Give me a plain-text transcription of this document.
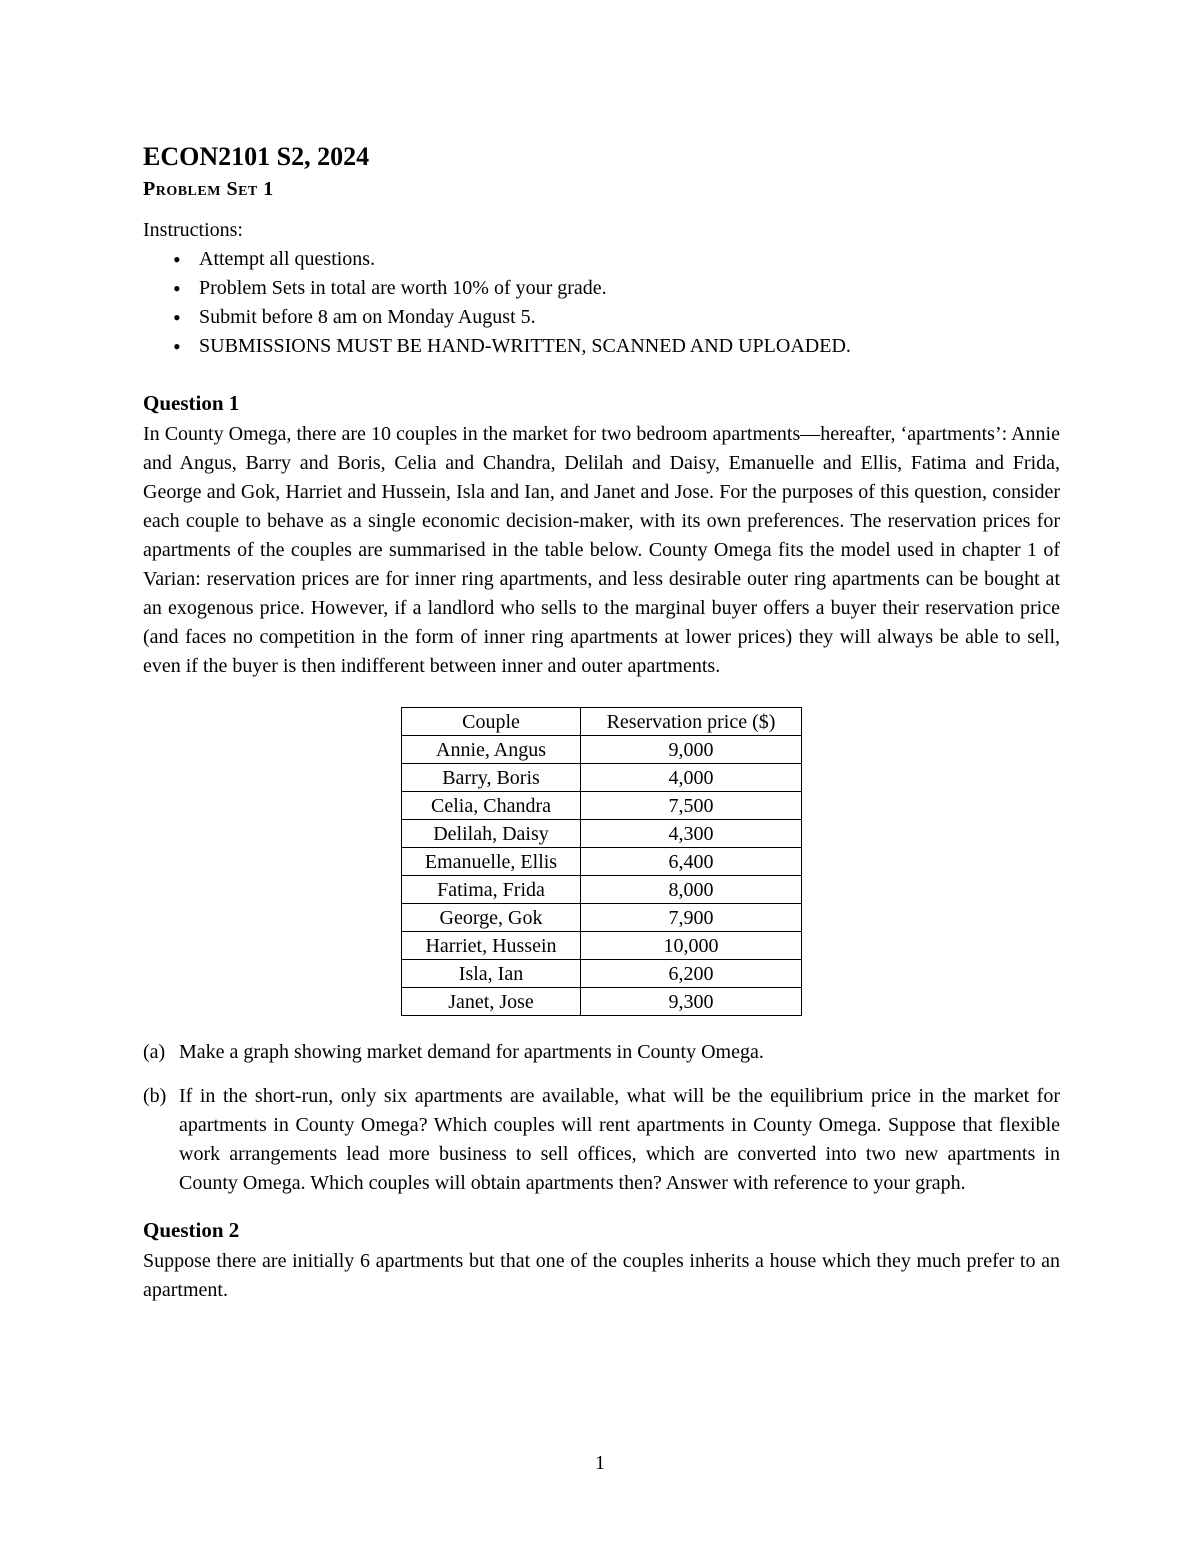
ECON2101 S2, 2024
Problem Set 1

Instructions:

• Attempt all questions.
• Problem Sets in total are worth 10% of your grade.
• Submit before 8 am on Monday August 5.
• SUBMISSIONS MUST BE HAND-WRITTEN, SCANNED AND UPLOADED.
Question 1

In County Omega, there are 10 couples in the market for two bedroom apartments—hereafter, ‘apartments’: Annie and Angus, Barry and Boris, Celia and Chandra, Delilah and Daisy, Emanuelle and Ellis, Fatima and Frida, George and Gok, Harriet and Hussein, Isla and Ian, and Janet and Jose. For the purposes of this question, consider each couple to behave as a single economic decision-maker, with its own preferences. The reservation prices for apartments of the couples are summarised in the table below. County Omega fits the model used in chapter 1 of Varian: reservation prices are for inner ring apartments, and less desirable outer ring apartments can be bought at an exogenous price. However, if a landlord who sells to the marginal buyer offers a buyer their reservation price (and faces no competition in the form of inner ring apartments at lower prices) they will always be able to sell, even if the buyer is then indifferent between inner and outer apartments.

Couple	Reservation price ($)
Annie, Angus	9,000
Barry, Boris	4,000
Celia, Chandra	7,500
Delilah, Daisy	4,300
Emanuelle, Ellis	6,400
Fatima, Frida	8,000
George, Gok	7,900
Harriet, Hussein	10,000
Isla, Ian	6,200
Janet, Jose	9,300
(a) Make a graph showing market demand for apartments in County Omega.
(b) If in the short-run, only six apartments are available, what will be the equilibrium price in the market for apartments in County Omega? Which couples will rent apartments in County Omega. Suppose that flexible work arrangements lead more business to sell offices, which are converted into two new apartments in County Omega. Which couples will obtain apartments then? Answer with reference to your graph.
Question 2

Suppose there are initially 6 apartments but that one of the couples inherits a house which they much prefer to an apartment.

1
